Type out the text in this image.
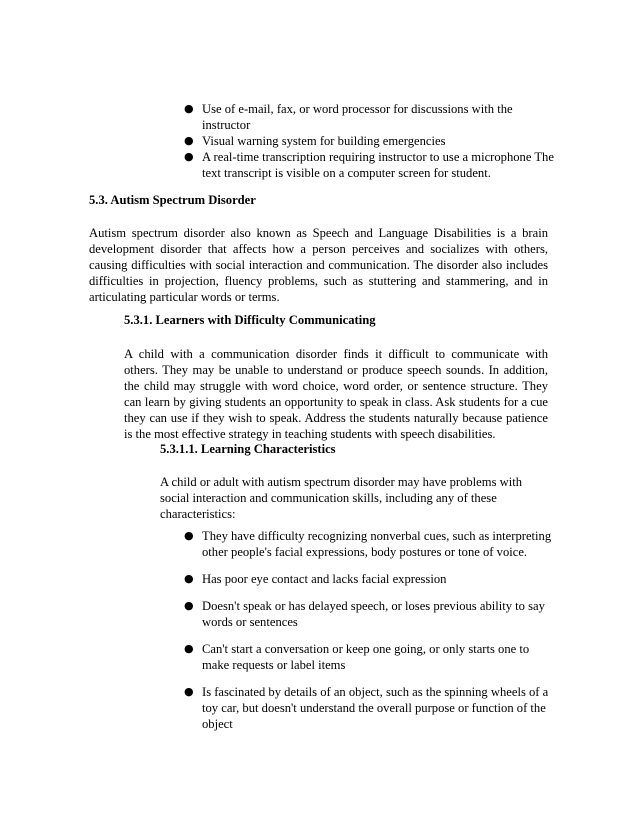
● Use of e-mail, fax, or word processor for discussions with the instructor
● Visual warning system for building emergencies
● A real-time transcription requiring instructor to use a microphone The text transcript is visible on a computer screen for student.
5.3. Autism Spectrum Disorder
Autism spectrum disorder also known as Speech and Language Disabilities is a brain development disorder that affects how a person perceives and socializes with others, causing difficulties with social interaction and communication. The disorder also includes difficulties in projection, fluency problems, such as stuttering and stammering, and in articulating particular words or terms.
5.3.1. Learners with Difficulty Communicating
A child with a communication disorder finds it difficult to communicate with others. They may be unable to understand or produce speech sounds. In addition, the child may struggle with word choice, word order, or sentence structure. They can learn by giving students an opportunity to speak in class. Ask students for a cue they can use if they wish to speak. Address the students naturally because patience is the most effective strategy in teaching students with speech disabilities.
5.3.1.1. Learning Characteristics
A child or adult with autism spectrum disorder may have problems with social interaction and communication skills, including any of these characteristics:
● They have difficulty recognizing nonverbal cues, such as interpreting other people's facial expressions, body postures or tone of voice.
● Has poor eye contact and lacks facial expression
● Doesn't speak or has delayed speech, or loses previous ability to say words or sentences
● Can't start a conversation or keep one going, or only starts one to make requests or label items
● Is fascinated by details of an object, such as the spinning wheels of a toy car, but doesn't understand the overall purpose or function of the object
